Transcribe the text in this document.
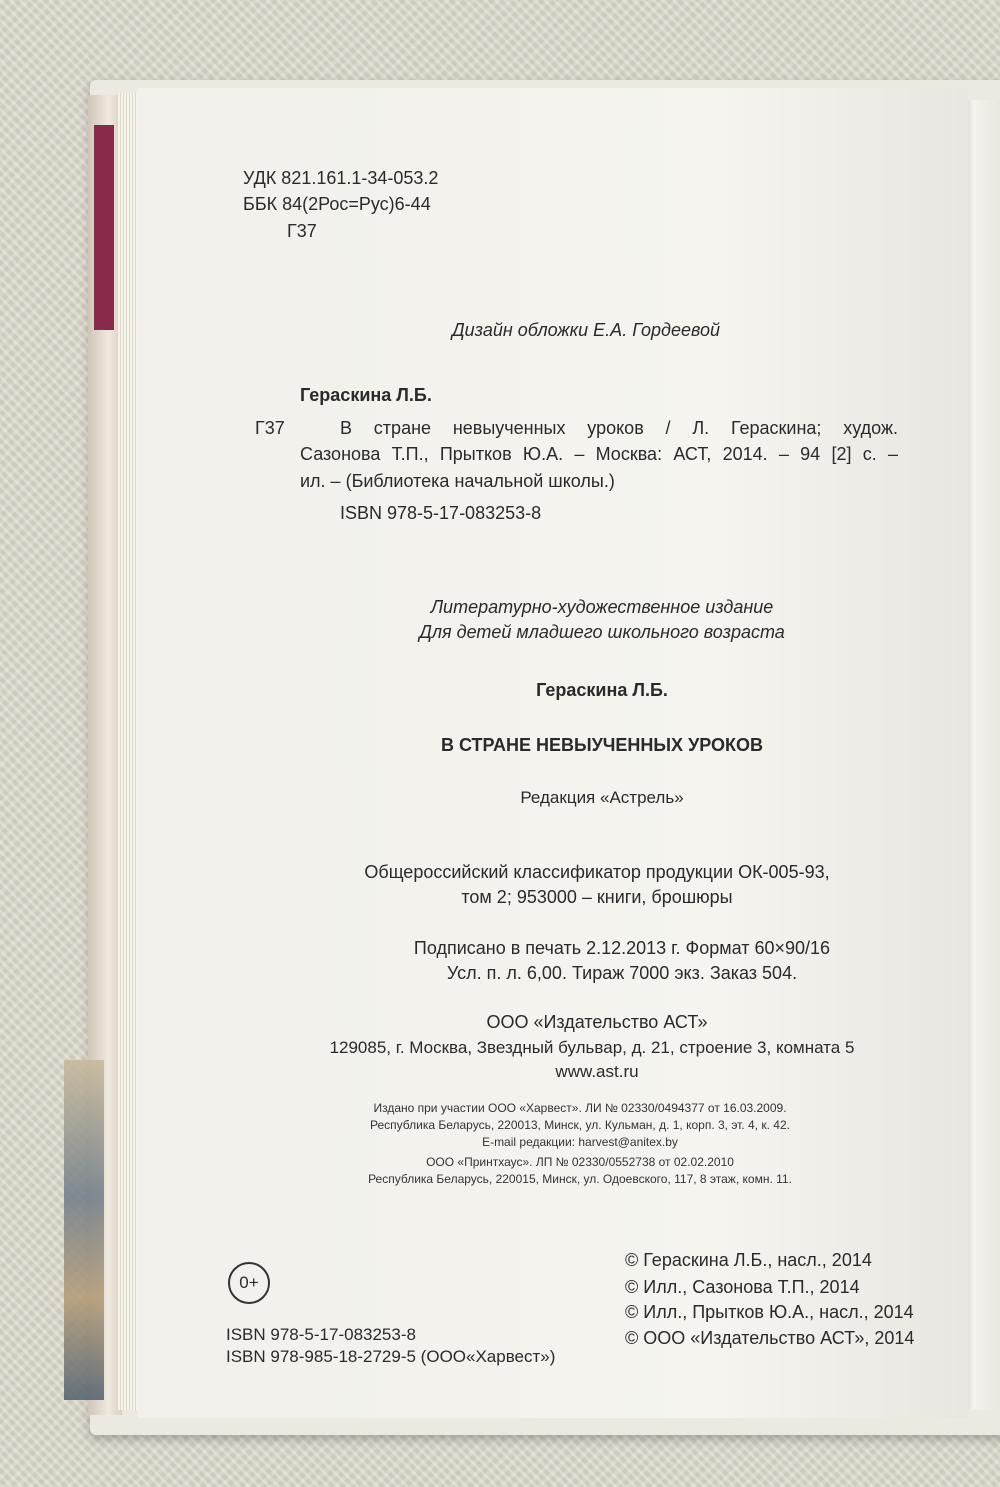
УДК 821.161.1-34-053.2
ББК 84(2Рос=Рус)6-44
Г37
Дизайн обложки Е.А. Гордеевой
Гераскина Л.Б.
Г37	В стране невыученных уроков / Л. Гераскина; худож.
Сазонова Т.П., Прытков Ю.А. – Москва: АСТ, 2014. – 94 [2] с. –
ил. – (Библиотека начальной школы.)
ISBN 978-5-17-083253-8
Литературно-художественное издание
Для детей младшего школьного возраста
Гераскина Л.Б.
В СТРАНЕ НЕВЫУЧЕННЫХ УРОКОВ
Редакция «Астрель»
Общероссийский классификатор продукции ОК-005-93,
том 2; 953000 – книги, брошюры
Подписано в печать 2.12.2013 г. Формат 60×90/16
Усл. п. л. 6,00. Тираж 7000 экз. Заказ 504.
ООО «Издательство АСТ»
129085, г. Москва, Звездный бульвар, д. 21, строение 3, комната 5
www.ast.ru
Издано при участии ООО «Харвест». ЛИ № 02330/0494377 от 16.03.2009.
Республика Беларусь, 220013, Минск, ул. Кульман, д. 1, корп. 3, эт. 4, к. 42.
E-mail редакции: harvest@anitex.by
ООО «Принтхаус». ЛП № 02330/0552738 от 02.02.2010
Республика Беларусь, 220015, Минск, ул. Одоевского, 117, 8 этаж, комн. 11.
0+
ISBN 978-5-17-083253-8
ISBN 978-985-18-2729-5 (ООО«Харвест»)
© Гераскина Л.Б., насл., 2014
© Илл., Сазонова Т.П., 2014
© Илл., Прытков Ю.А., насл., 2014
© ООО «Издательство АСТ», 2014
